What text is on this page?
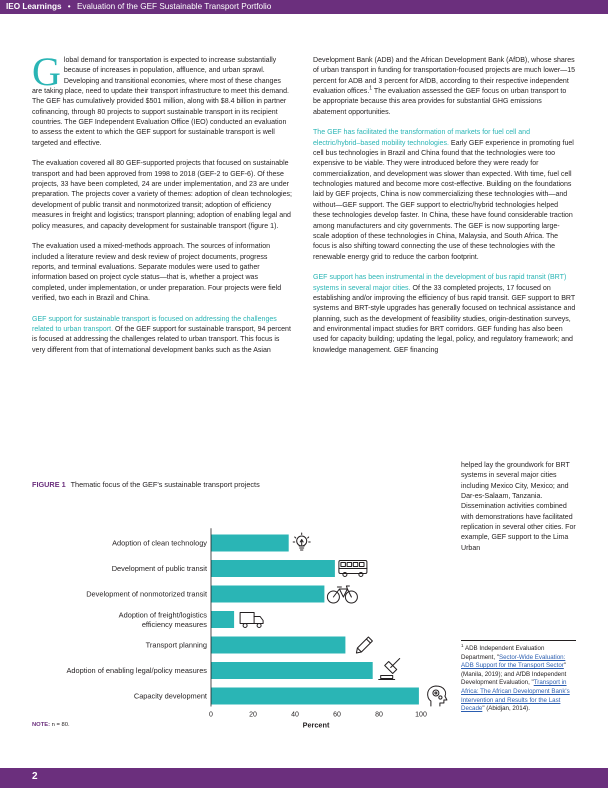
IEO Learnings • Evaluation of the GEF Sustainable Transport Portfolio

Global demand for transportation is expected to increase substantially because of increases in population, affluence, and urban sprawl. Developing and transitional economies, where most of these changes are taking place, need to update their transport infrastructure to meet this demand. The GEF has cumulatively provided $501 million, along with $8.4 billion in partner cofinancing, through 80 projects to support sustainable transport in its recipient countries. The GEF Independent Evaluation Office (IEO) conducted an evaluation to assess the extent to which the GEF support for sustainable transport is well targeted and effective.

The evaluation covered all 80 GEF-supported projects that focused on sustainable transport and had been approved from 1998 to 2018 (GEF-2 to GEF-6). Of these projects, 33 have been completed, 24 are under implementation, and 23 are under preparation. The projects cover a variety of themes: adoption of clean technologies; development of public transit and nonmotorized transit; adoption of efficiency measures in freight and logistics; transport planning; adoption of enabling legal and policy measures, and capacity development for sustainable transport (figure 1).

The evaluation used a mixed-methods approach. The sources of information included a literature review and desk review of project documents, progress reports, and terminal evaluations. Separate modules were used to gather information based on project cycle status—that is, whether a project was completed, under implementation, or under preparation. Four projects were field verified, two each in Brazil and China.

GEF support for sustainable transport is focused on addressing the challenges related to urban transport. Of the GEF support for sustainable transport, 94 percent is focused at addressing the challenges related to urban transport. This focus is very different from that of international development banks such as the Asian

Development Bank (ADB) and the African Development Bank (AfDB), whose shares of urban transport in funding for transportation-focused projects are much lower—15 percent for ADB and 3 percent for AfDB, according to their respective independent evaluation offices.$^1$ The evaluation assessed the GEF focus on urban transport to be appropriate because this area provides for substantial GHG emissions abatement opportunities.

The GEF has facilitated the transformation of markets for fuel cell and electric/hybrid–based mobility technologies. Early GEF experience in promoting fuel cell bus technologies in Brazil and China found that the technologies were too expensive to be viable. They were introduced before they were ready for commercialization, and development was slower than expected. With time, fuel cell technologies matured and become more cost-effective. Building on the foundations laid by GEF projects, China is now commercializing these technologies with—and without—GEF support. The GEF support to electric/hybrid technologies helped these technologies develop faster. In China, these have found considerable traction among manufacturers and city governments. The GEF is now supporting large-scale adoption of these technologies in China, Malaysia, and South Africa. The focus is also shifting toward connecting the use of these technologies with the renewable energy grid to reduce the carbon footprint.

GEF support has been instrumental in the development of bus rapid transit (BRT) systems in several major cities. Of the 33 completed projects, 17 focused on establishing and/or improving the efficiency of bus rapid transit. GEF support to BRT systems and BRT-style upgrades has generally focused on technical assistance and planning, such as the development of feasibility studies, origin-destination surveys, and environmental impact studies for BRT corridors. GEF funding has also been used for capacity building; updating the legal, policy, and regulatory framework; and knowledge management. GEF financing

helped lay the groundwork for BRT systems in several major cities including Mexico City, Mexico; and Dar-es-Salaam, Tanzania. Dissemination activities combined with demonstrations have facilitated replication in several other cities. For example, GEF support to the Lima Urban
FIGURE 1 Thematic focus of the GEF's sustainable transport projects
Adoption of clean technology
Development of public transit
Development of nonmotorized transit
Adoption of freight/logistics
efficiency measures
Transport planning
Adoption of enabling legal/policy measures
Capacity development
0	20	40	60	80	100
Percent
NOTE: n = 80.
$^1$ ADB Independent Evaluation Department, "Sector-Wide Evaluation: ADB Support for the Transport Sector" (Manila, 2019); and AfDB Independent Development Evaluation, "Transport in Africa: The African Development Bank's Intervention and Results for the Last Decade" (Abidjan, 2014).
2
